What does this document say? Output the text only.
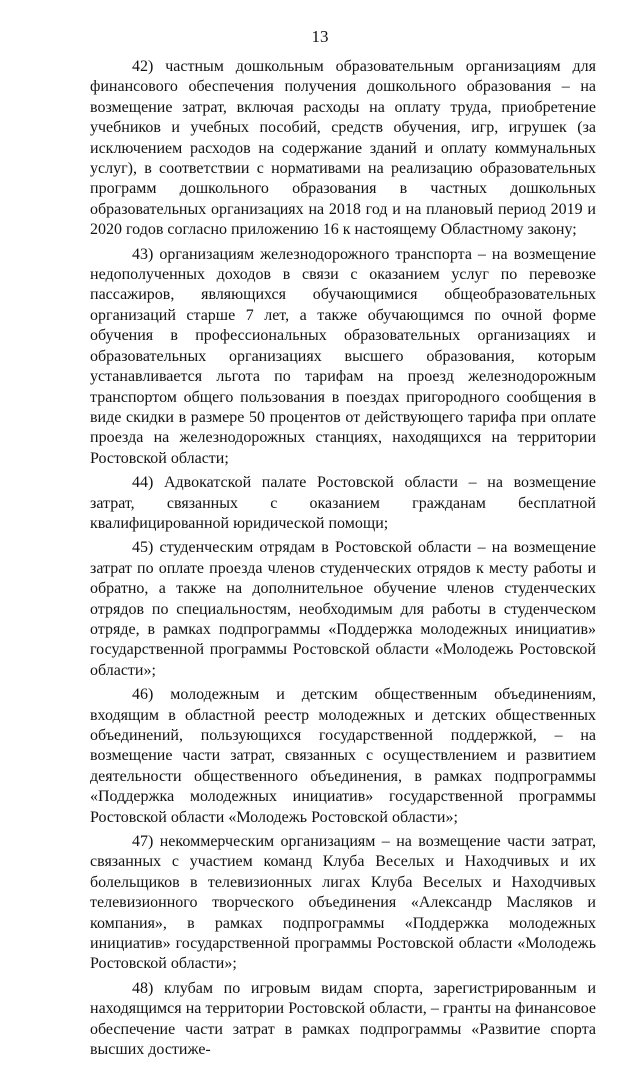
13

42) частным дошкольным образовательным организациям для финансового обеспечения получения дошкольного образования – на возмещение затрат, включая расходы на оплату труда, приобретение учебников и учебных пособий, средств обучения, игр, игрушек (за исключением расходов на содержание зданий и оплату коммунальных услуг), в соответствии с нормативами на реализацию образовательных программ дошкольного образования в частных дошкольных образовательных организациях на 2018 год и на плановый период 2019 и 2020 годов согласно приложению 16 к настоящему Областному закону;

43) организациям железнодорожного транспорта – на возмещение недополученных доходов в связи с оказанием услуг по перевозке пассажиров, являющихся обучающимися общеобразовательных организаций старше 7 лет, а также обучающимся по очной форме обучения в профессиональных образовательных организациях и образовательных организациях высшего образования, которым устанавливается льгота по тарифам на проезд железнодорожным транспортом общего пользования в поездах пригородного сообщения в виде скидки в размере 50 процентов от действующего тарифа при оплате проезда на железнодорожных станциях, находящихся на территории Ростовской области;

44) Адвокатской палате Ростовской области – на возмещение затрат, связанных с оказанием гражданам бесплатной квалифицированной юридической помощи;

45) студенческим отрядам в Ростовской области – на возмещение затрат по оплате проезда членов студенческих отрядов к месту работы и обратно, а также на дополнительное обучение членов студенческих отрядов по специальностям, необходимым для работы в студенческом отряде, в рамках подпрограммы «Поддержка молодежных инициатив» государственной программы Ростовской области «Молодежь Ростовской области»;

46) молодежным и детским общественным объединениям, входящим в областной реестр молодежных и детских общественных объединений, пользующихся государственной поддержкой, – на возмещение части затрат, связанных с осуществлением и развитием деятельности общественного объединения, в рамках подпрограммы «Поддержка молодежных инициатив» государственной программы Ростовской области «Молодежь Ростовской области»;

47) некоммерческим организациям – на возмещение части затрат, связанных с участием команд Клуба Веселых и Находчивых и их болельщиков в телевизионных лигах Клуба Веселых и Находчивых телевизионного творческого объединения «Александр Масляков и компания», в рамках подпрограммы «Поддержка молодежных инициатив» государственной программы Ростовской области «Молодежь Ростовской области»;

48) клубам по игровым видам спорта, зарегистрированным и находящимся на территории Ростовской области, – гранты на финансовое обеспечение части затрат в рамках подпрограммы «Развитие спорта высших достиже-
